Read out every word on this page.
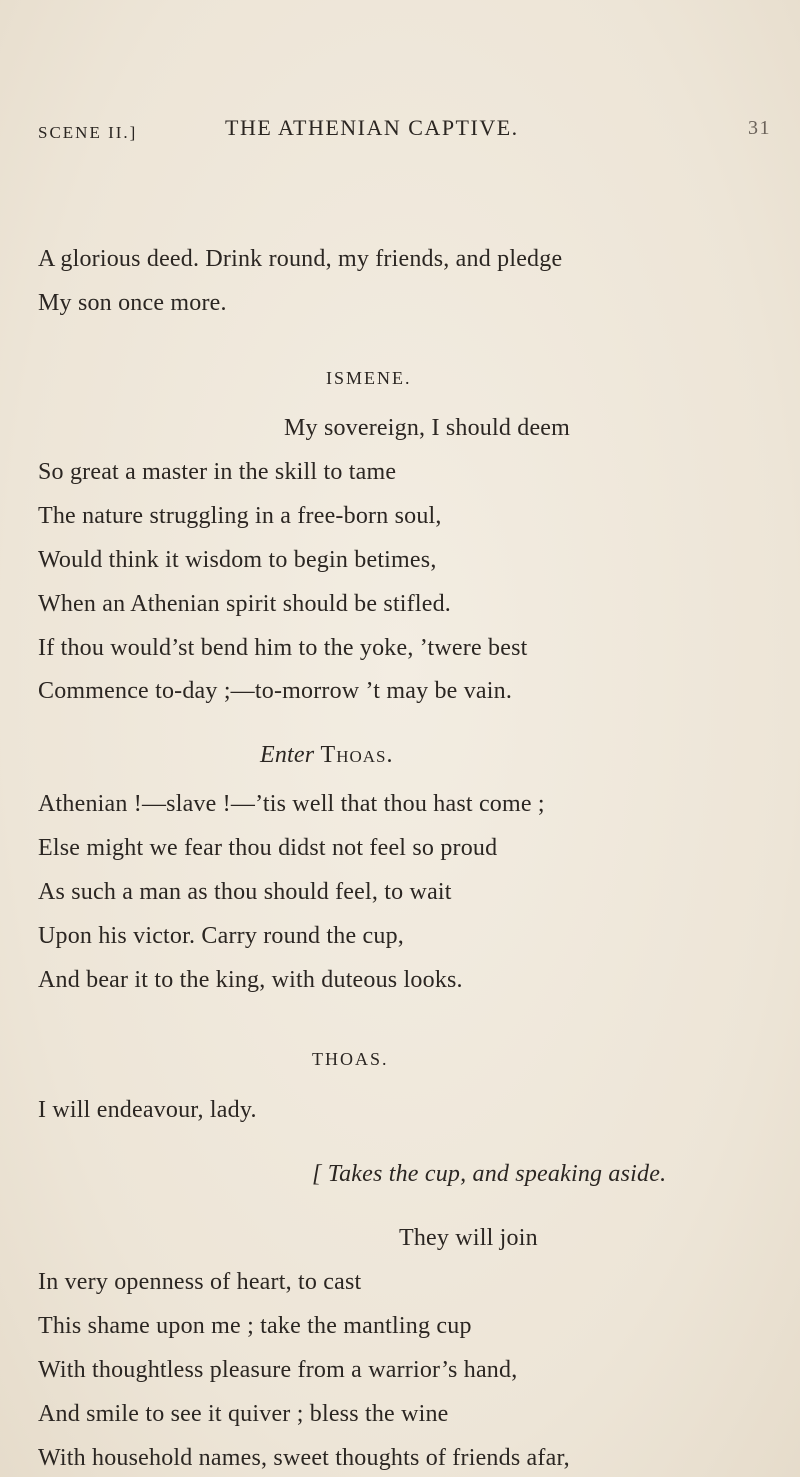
SCENE II.]	THE ATHENIAN CAPTIVE.	31
A glorious deed. Drink round, my friends, and pledge
My son once more.
ISMENE.
My sovereign, I should deem
So great a master in the skill to tame
The nature struggling in a free-born soul,
Would think it wisdom to begin betimes,
When an Athenian spirit should be stifled.
If thou would’st bend him to the yoke, ’twere best
Commence to-day ;—to-morrow ’t may be vain.
Enter Thoas.
Athenian !—slave !—’tis well that thou hast come ;
Else might we fear thou didst not feel so proud
As such a man as thou should feel, to wait
Upon his victor. Carry round the cup,
And bear it to the king, with duteous looks.
THOAS.
I will endeavour, lady.
[ Takes the cup, and speaking aside.
They will join
In very openness of heart, to cast
This shame upon me ; take the mantling cup
With thoughtless pleasure from a warrior’s hand,
And smile to see it quiver ; bless the wine
With household names, sweet thoughts of friends afar,
